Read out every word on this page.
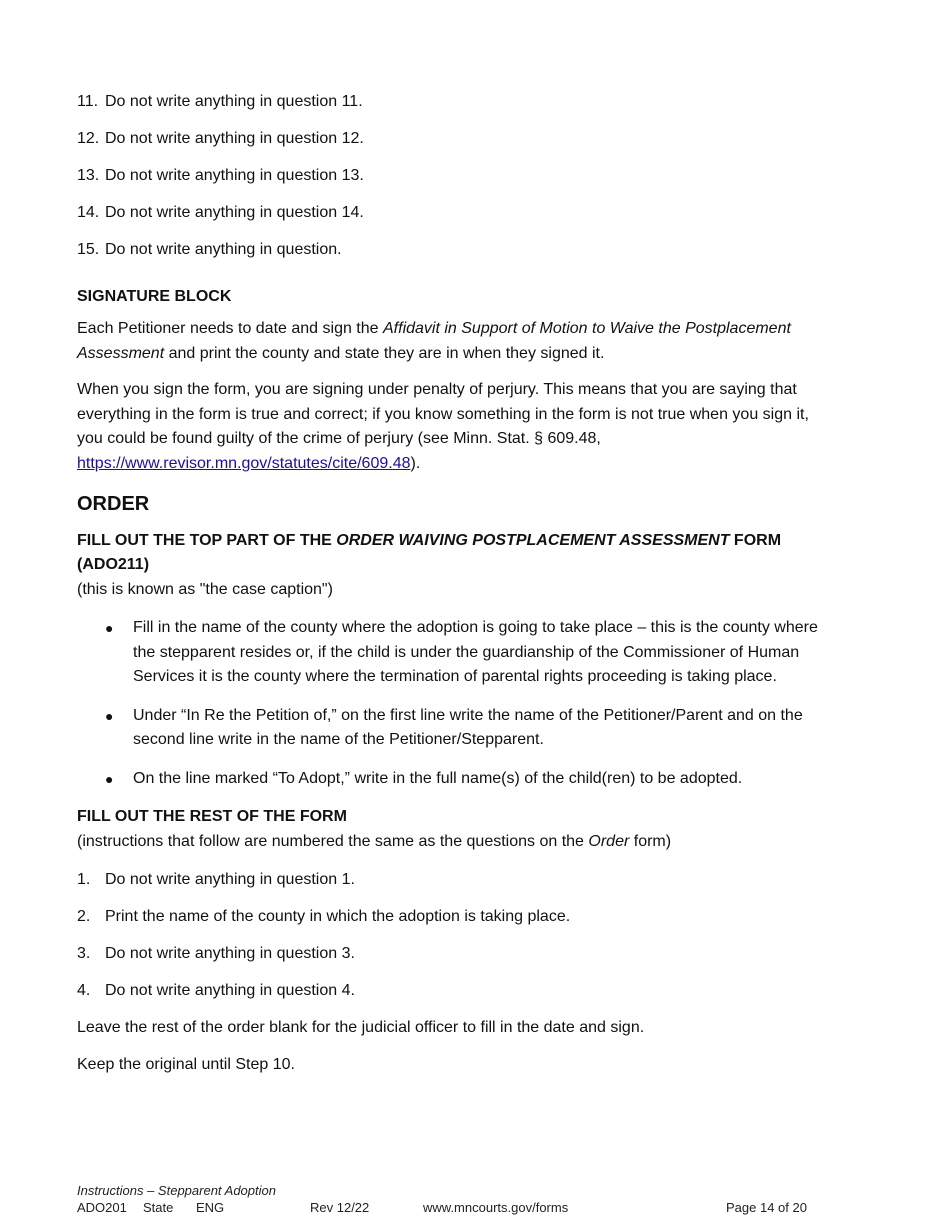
11. Do not write anything in question 11.
12. Do not write anything in question 12.
13. Do not write anything in question 13.
14. Do not write anything in question 14.
15. Do not write anything in question.
SIGNATURE BLOCK

Each Petitioner needs to date and sign the Affidavit in Support of Motion to Waive the Postplacement Assessment and print the county and state they are in when they signed it.

When you sign the form, you are signing under penalty of perjury. This means that you are saying that everything in the form is true and correct; if you know something in the form is not true when you sign it, you could be found guilty of the crime of perjury (see Minn. Stat. § 609.48, https://www.revisor.mn.gov/statutes/cite/609.48).

ORDER
FILL OUT THE TOP PART OF THE ORDER WAIVING POSTPLACEMENT ASSESSMENT FORM (ADO211)
(this is known as "the case caption")
●	Fill in the name of the county where the adoption is going to take place – this is the county where the stepparent resides or, if the child is under the guardianship of the Commissioner of Human Services it is the county where the termination of parental rights proceeding is taking place.
●	Under “In Re the Petition of,” on the first line write the name of the Petitioner/Parent and on the second line write in the name of the Petitioner/Stepparent.
●	On the line marked “To Adopt,” write in the full name(s) of the child(ren) to be adopted.
FILL OUT THE REST OF THE FORM
(instructions that follow are numbered the same as the questions on the Order form)
1. Do not write anything in question 1.
2. Print the name of the county in which the adoption is taking place.
3. Do not write anything in question 3.
4. Do not write anything in question 4.

Leave the rest of the order blank for the judicial officer to fill in the date and sign.

Keep the original until Step 10.

Instructions – Stepparent Adoption
ADO201 State ENG	Rev 12/22	www.mncourts.gov/forms	Page 14 of 20
